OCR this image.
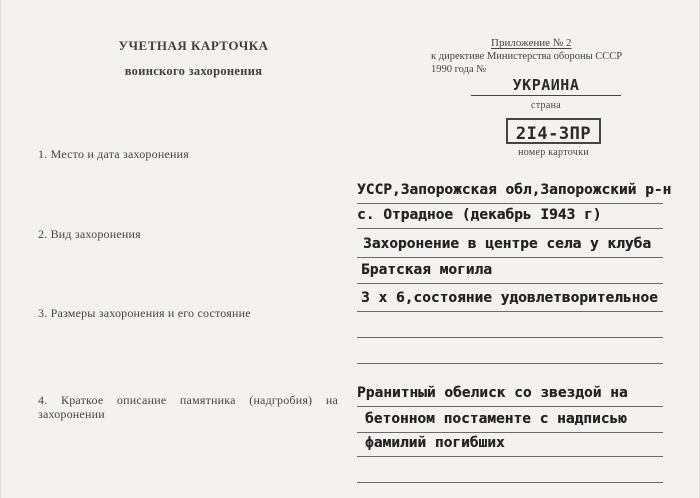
УЧЕТНАЯ КАРТОЧКА
воинского захоронения
Приложение № 2
к директиве Министерства обороны СССР
1990 года №
УКРАИНА
страна
2I4-ЗПР
номер карточки
1. Место и дата захоронения
2. Вид захоронения
3. Размеры захоронения и его состояние
4. Краткое описание памятника (надгробия) на захоронении
УССР,Запорожская обл,Запорожский р-н
с. Отрадное (декабрь I943 г)
Захоронение в центре села у клуба
Братская могила
3 х 6,состояние удовлетворительное
Рранитный обелиск со звездой на
бетонном постаменте с надписью
фамилий погибших
